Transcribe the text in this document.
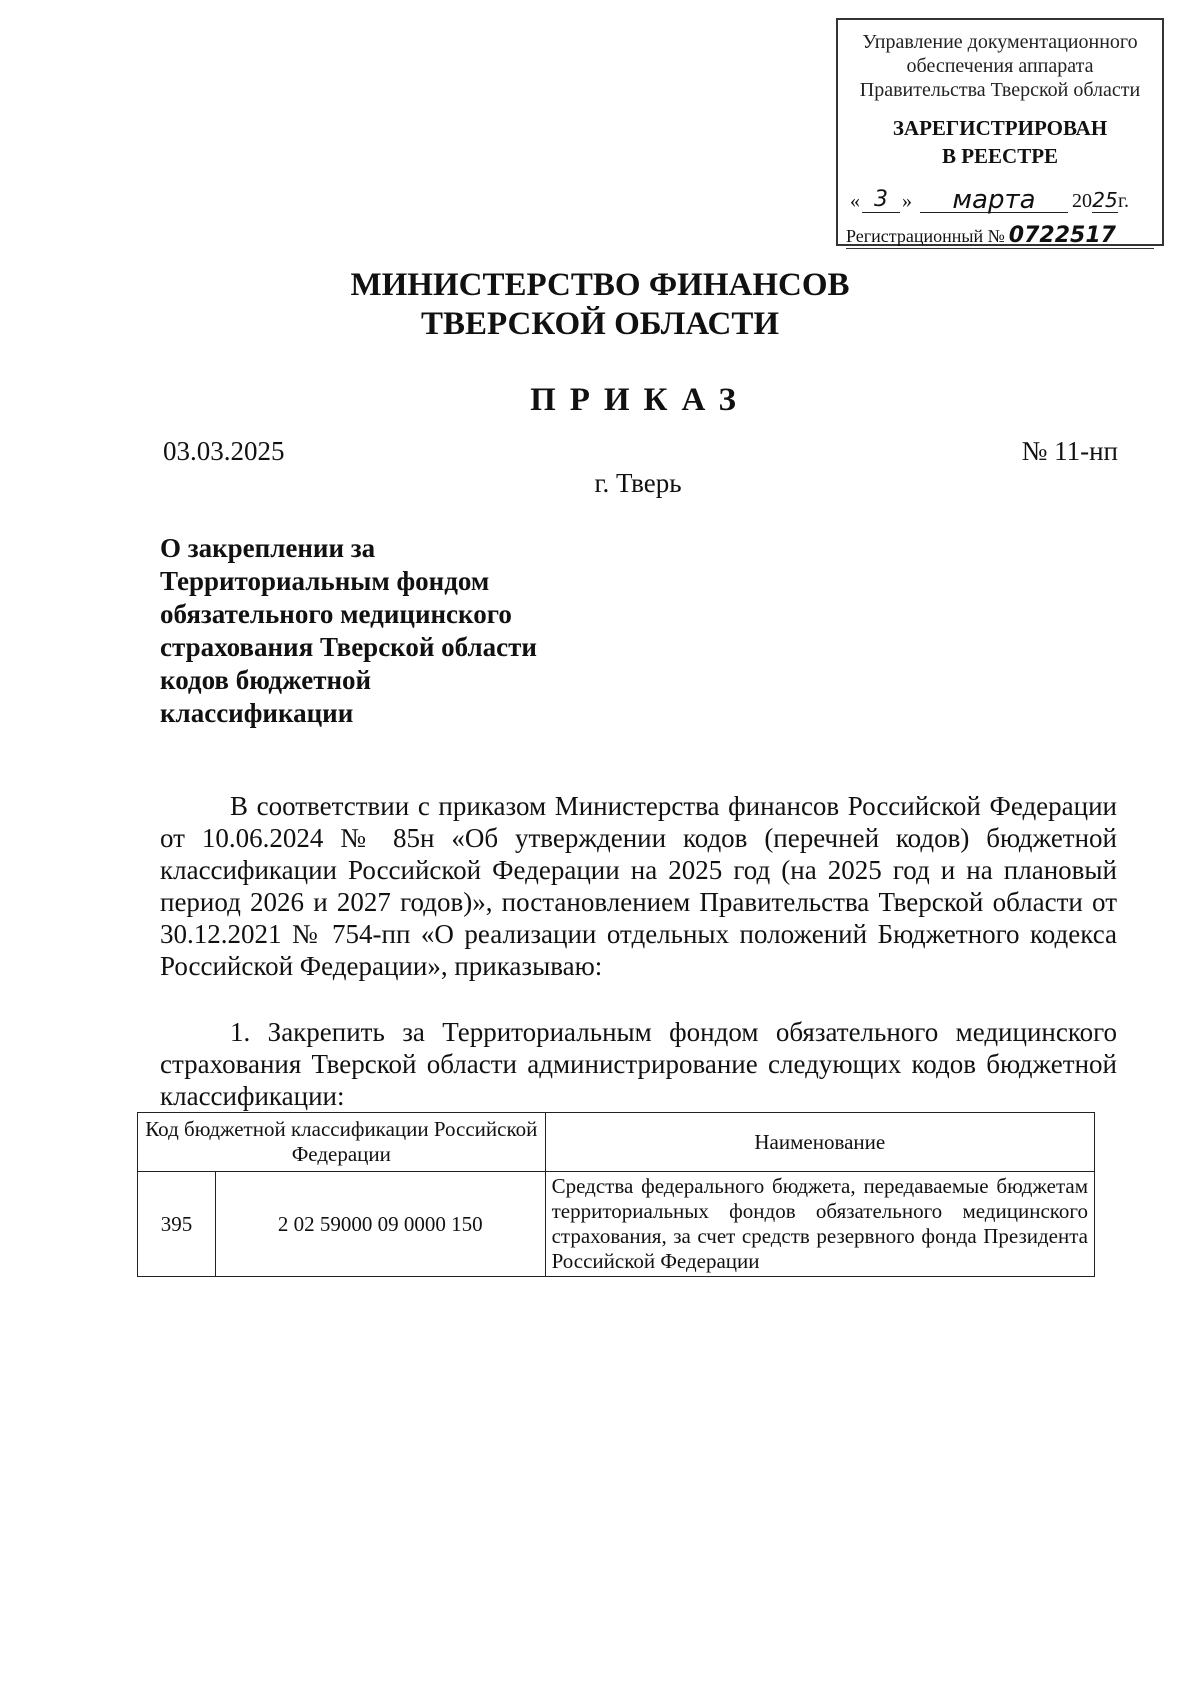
Управление документационного
обеспечения аппарата
Правительства Тверской области
ЗАРЕГИСТРИРОВАН
В РЕЕСТРЕ
« 3 »	марта	20 25 г.
Регистрационный № 0722517
МИНИСТЕРСТВО ФИНАНСОВ
ТВЕРСКОЙ ОБЛАСТИ
ПРИКАЗ
03.03.2025	№ 11-нп
г. Тверь
О закреплении за
Территориальным фондом
обязательного медицинского
страхования Тверской области
кодов бюджетной
классификации
В соответствии с приказом Министерства финансов Российской Федерации от 10.06.2024 № 85н «Об утверждении кодов (перечней кодов) бюджетной классификации Российской Федерации на 2025 год (на 2025 год и на плановый период 2026 и 2027 годов)», постановлением Правительства Тверской области от 30.12.2021 № 754-пп «О реализации отдельных положений Бюджетного кодекса Российской Федерации», приказываю:
1. Закрепить за Территориальным фондом обязательного медицинского страхования Тверской области администрирование следующих кодов бюджетной классификации:
Код бюджетной классификации Российской Федерации		Наименование
395	2 02 59000 09 0000 150	Средства федерального бюджета, передаваемые бюджетам территориальных фондов обязательного медицинского страхования, за счет средств резервного фонда Президента Российской Федерации
